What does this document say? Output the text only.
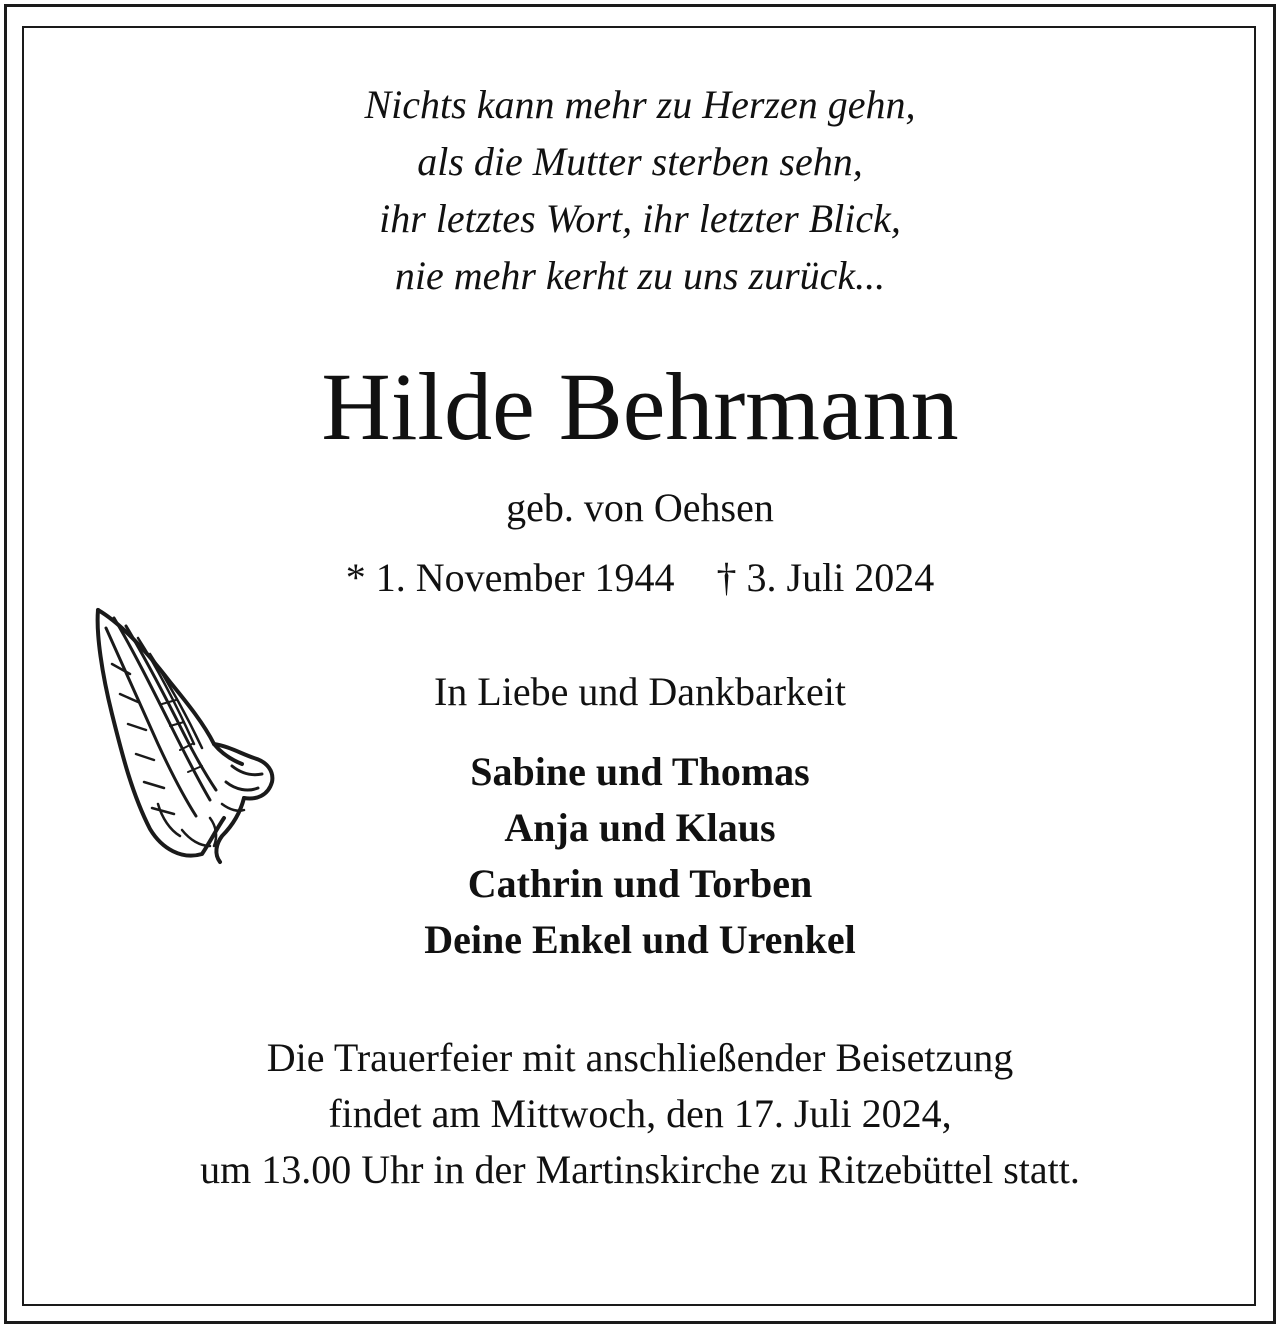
Nichts kann mehr zu Herzen gehn,
als die Mutter sterben sehn,
ihr letztes Wort, ihr letzter Blick,
nie mehr kerht zu uns zurück...
Hilde Behrmann
geb. von Oehsen
* 1. November 1944 † 3. Juli 2024
In Liebe und Dankbarkeit
Sabine und Thomas
Anja und Klaus
Cathrin und Torben
Deine Enkel und Urenkel
Die Trauerfeier mit anschließender Beisetzung
findet am Mittwoch, den 17. Juli 2024,
um 13.00 Uhr in der Martinskirche zu Ritzebüttel statt.
